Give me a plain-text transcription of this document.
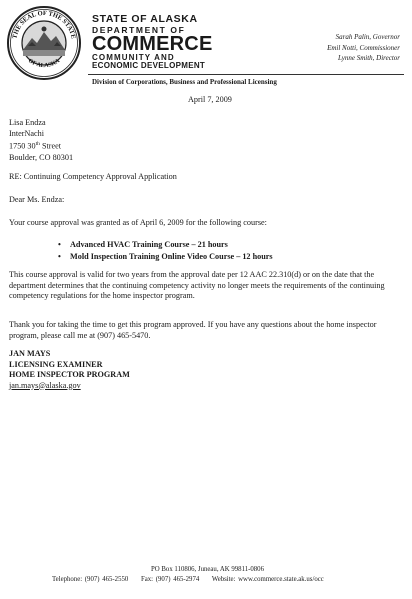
THE SEAL OF THE STATE
OF ALASKA
STATE OF ALASKA
DEPARTMENT OF
COMMERCE
COMMUNITY AND
ECONOMIC DEVELOPMENT
Division of Corporations, Business and Professional Licensing
Sarah Palin, Governor
Emil Notti, Commissioner
Lynne Smith, Director
April 7, 2009
Lisa Endza
InterNachi
1750 30th Street
Boulder, CO 80301
RE: Continuing Competency Approval Application
Dear Ms. Endza:
Your course approval was granted as of April 6, 2009 for the following course:
• Advanced HVAC Training Course – 21 hours
• Mold Inspection Training Online Video Course – 12 hours
This course approval is valid for two years from the approval date per 12 AAC 22.310(d) or on the date that the department determines that the continuing competency activity no longer meets the requirements of the continuing competency regulations for the home inspector program.
Thank you for taking the time to get this program approved. If you have any questions about the home inspector program, please call me at (907) 465-5470.
JAN MAYS
LICENSING EXAMINER
HOME INSPECTOR PROGRAM
jan.mays@alaska.gov
PO Box 110806, Juneau, AK 99811-0806
Telephone: (907) 465-2550 Fax: (907) 465-2974 Website: www.commerce.state.ak.us/occ
